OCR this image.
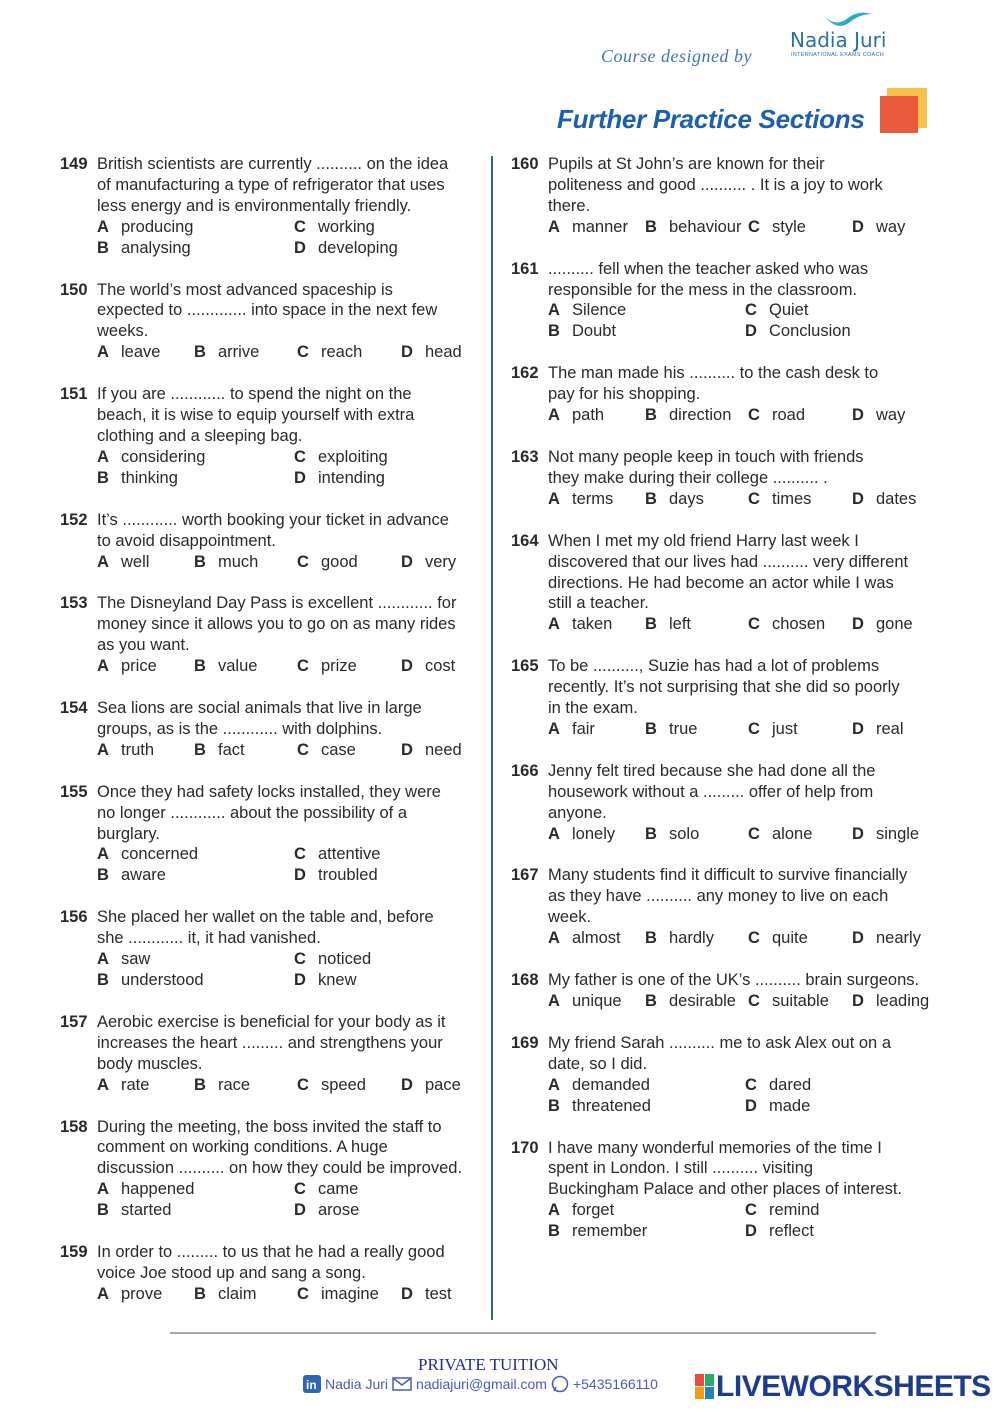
Course designed by
Nadia Juri
INTERNATIONAL EXAMS COACH
Further Practice Sections
149 British scientists are currently .......... on the idea
of manufacturing a type of refrigerator that uses
less energy and is environmentally friendly.
A producing	C working
B analysing	D developing
150 The world’s most advanced spaceship is
expected to ............. into space in the next few
weeks.
A leave	B arrive	C reach	D head
151 If you are ............ to spend the night on the
beach, it is wise to equip yourself with extra
clothing and a sleeping bag.
A considering	C exploiting
B thinking	D intending
152 It’s ............ worth booking your ticket in advance
to avoid disappointment.
A well	B much	C good	D very
153 The Disneyland Day Pass is excellent ............ for
money since it allows you to go on as many rides
as you want.
A price	B value	C prize	D cost
154 Sea lions are social animals that live in large
groups, as is the ............ with dolphins.
A truth	B fact	C case	D need
155 Once they had safety locks installed, they were
no longer ............ about the possibility of a
burglary.
A concerned	C attentive
B aware	D troubled
156 She placed her wallet on the table and, before
she ............ it, it had vanished.
A saw	C noticed
B understood	D knew
157 Aerobic exercise is beneficial for your body as it
increases the heart ......... and strengthens your
body muscles.
A rate	B race	C speed	D pace
158 During the meeting, the boss invited the staff to
comment on working conditions. A huge
discussion .......... on how they could be improved.
A happened	C came
B started	D arose
159 In order to ......... to us that he had a really good
voice Joe stood up and sang a song.
A prove	B claim	C imagine	D test
160 Pupils at St John’s are known for their
politeness and good .......... . It is a joy to work
there.
A manner	B behaviour C style	D way
161 .......... fell when the teacher asked who was
responsible for the mess in the classroom.
A Silence	C Quiet
B Doubt	D Conclusion
162 The man made his .......... to the cash desk to
pay for his shopping.
A path	B direction	C road	D way
163 Not many people keep in touch with friends
they make during their college .......... .
A terms	B days	C times	D dates
164 When I met my old friend Harry last week I
discovered that our lives had .......... very different
directions. He had become an actor while I was
still a teacher.
A taken	B left	C chosen	D gone
165 To be .........., Suzie has had a lot of problems
recently. It’s not surprising that she did so poorly
in the exam.
A fair	B true	C just	D real
166 Jenny felt tired because she had done all the
housework without a ......... offer of help from
anyone.
A lonely	B solo	C alone	D single
167 Many students find it difficult to survive financially
as they have .......... any money to live on each
week.
A almost	B hardly	C quite	D nearly
168 My father is one of the UK’s .......... brain surgeons.
A unique	B desirable C suitable	D leading
169 My friend Sarah .......... me to ask Alex out on a
date, so I did.
A demanded	C dared
B threatened	D made
170 I have many wonderful memories of the time I
spent in London. I still .......... visiting
Buckingham Palace and other places of interest.
A forget	C remind
B remember	D reflect
PRIVATE TUITION
in Nadia Juri nadiajuri@gmail.com +5435166110 LIVEWORKSHEETS
